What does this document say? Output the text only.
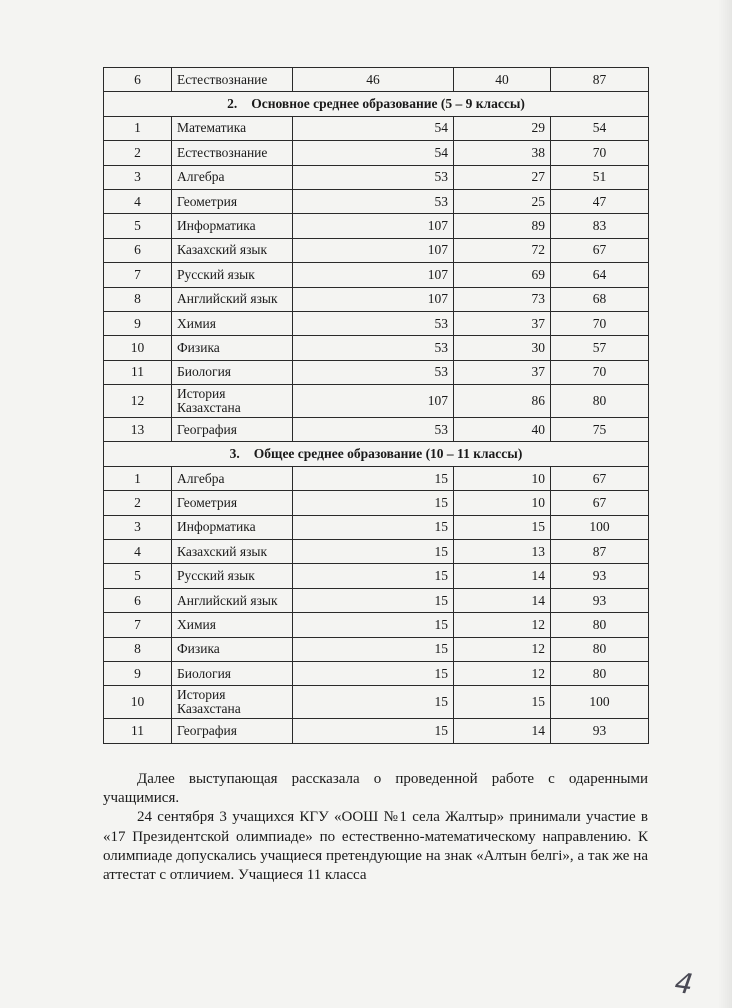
6	Естествознание	46	40	87
2. Основное среднее образование (5 – 9 классы)				
1	Математика	54	29	54
2	Естествознание	54	38	70
3	Алгебра	53	27	51
4	Геометрия	53	25	47
5	Информатика	107	89	83
6	Казахский язык	107	72	67
7	Русский язык	107	69	64
8	Английский язык	107	73	68
9	Химия	53	37	70
10	Физика	53	30	57
11	Биология	53	37	70
12	История Казахстана	107	86	80
13	География	53	40	75
3. Общее среднее образование (10 – 11 классы)				
1	Алгебра	15	10	67
2	Геометрия	15	10	67
3	Информатика	15	15	100
4	Казахский язык	15	13	87
5	Русский язык	15	14	93
6	Английский язык	15	14	93
7	Химия	15	12	80
8	Физика	15	12	80
9	Биология	15	12	80
10	История Казахстана	15	15	100
11	География	15	14	93

Далее выступающая рассказала о проведенной работе с одаренными учащимися.

24 сентября 3 учащихся КГУ «ООШ №1 села Жалтыр» принимали участие в «17 Президентской олимпиаде» по естественно-математическому направлению. К олимпиаде допускались учащиеся претендующие на знак «Алтын белгі», а так же на аттестат с отличием. Учащиеся 11 класса

4
